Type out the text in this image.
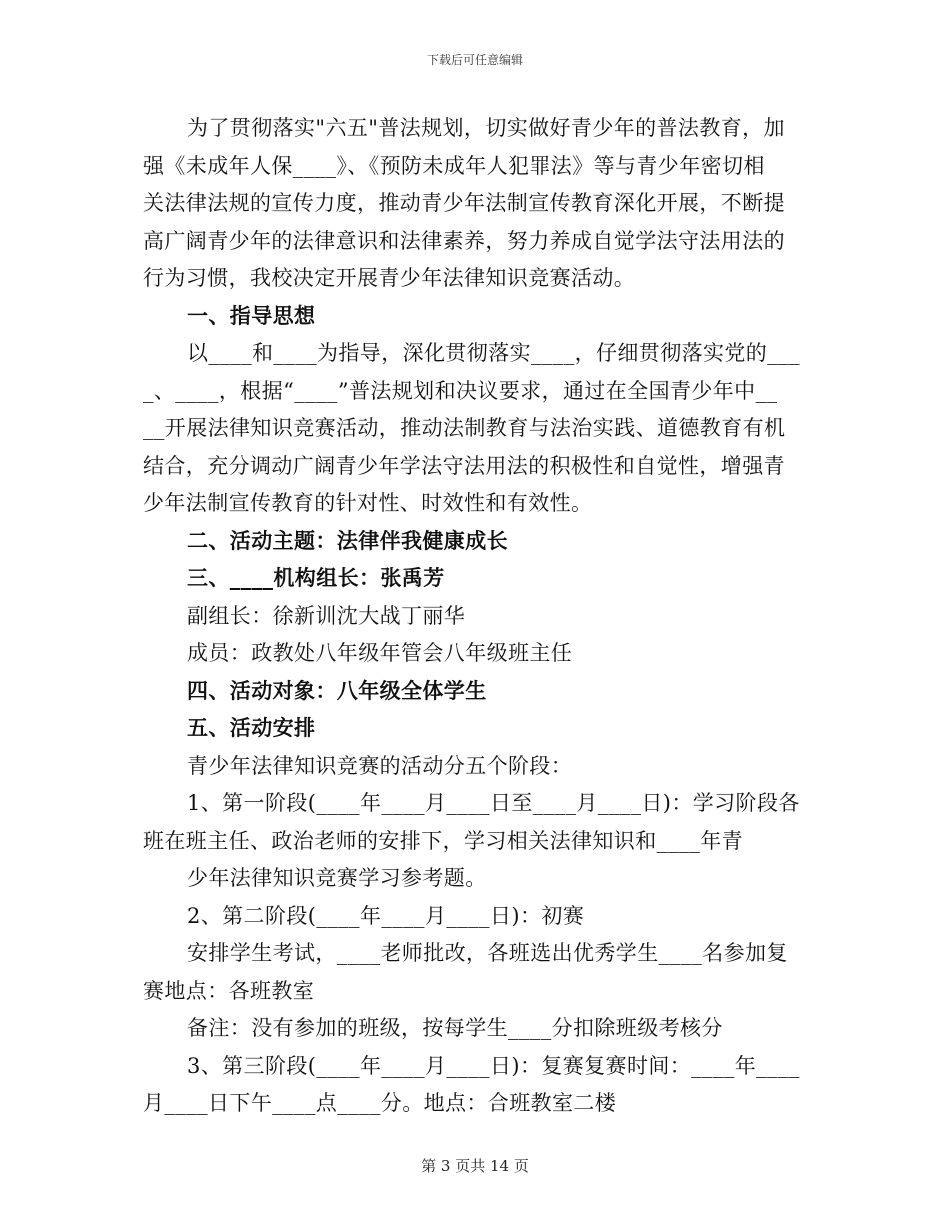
下载后可任意编辑

为了贯彻落实"六五"普法规划，切实做好青少年的普法教育，加

强《未成年人保____》、《预防未成年人犯罪法》等与青少年密切相

关法律法规的宣传力度，推动青少年法制宣传教育深化开展，不断提

高广阔青少年的法律意识和法律素养，努力养成自觉学法守法用法的

行为习惯，我校决定开展青少年法律知识竞赛活动。

一、指导思想

以____和____为指导，深化贯彻落实____，仔细贯彻落实党的___

_、____，根据“____”普法规划和决议要求，通过在全国青少年中__

__开展法律知识竞赛活动，推动法制教育与法治实践、道德教育有机

结合，充分调动广阔青少年学法守法用法的积极性和自觉性，增强青

少年法制宣传教育的针对性、时效性和有效性。

二、活动主题：法律伴我健康成长

三、____机构组长：张禹芳

副组长：徐新训沈大战丁丽华

成员：政教处八年级年管会八年级班主任

四、活动对象：八年级全体学生

五、活动安排

青少年法律知识竞赛的活动分五个阶段：

1、第一阶段(____年____月____日至____月____日)：学习阶段各

班在班主任、政治老师的安排下，学习相关法律知识和____年青

少年法律知识竞赛学习参考题。

2、第二阶段(____年____月____日)：初赛

安排学生考试，____老师批改，各班选出优秀学生____名参加复

赛地点：各班教室

备注：没有参加的班级，按每学生____分扣除班级考核分

3、第三阶段(____年____月____日)：复赛复赛时间：____年____

月____日下午____点____分。地点：合班教室二楼

第 3 页共 14 页
